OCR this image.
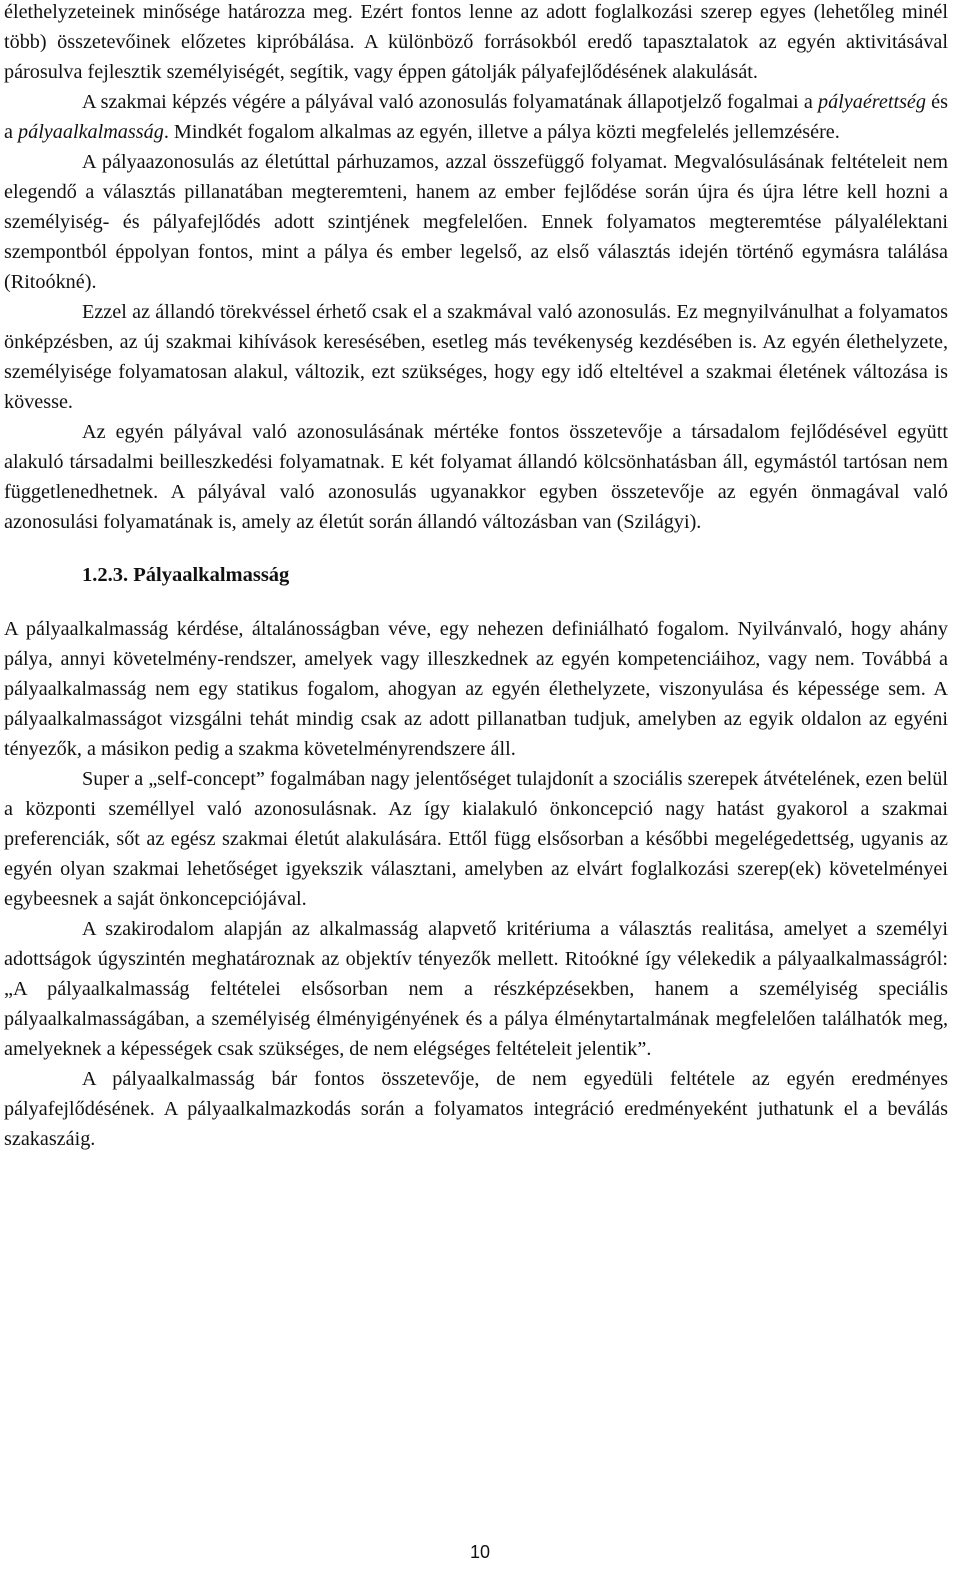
élethelyzeteinek minősége határozza meg. Ezért fontos lenne az adott foglalkozási szerep egyes (lehetőleg minél több) összetevőinek előzetes kipróbálása. A különböző forrásokból eredő tapasztalatok az egyén aktivitásával párosulva fejlesztik személyiségét, segítik, vagy éppen gátolják pályafejlődésének alakulását.

A szakmai képzés végére a pályával való azonosulás folyamatának állapotjelző fogalmai a pályaérettség és a pályaalkalmasság. Mindkét fogalom alkalmas az egyén, illetve a pálya közti megfelelés jellemzésére.

A pályaazonosulás az életúttal párhuzamos, azzal összefüggő folyamat. Megvalósulásának feltételeit nem elegendő a választás pillanatában megteremteni, hanem az ember fejlődése során újra és újra létre kell hozni a személyiség- és pályafejlődés adott szintjének megfelelően. Ennek folyamatos megteremtése pályalélektani szempontból éppolyan fontos, mint a pálya és ember legelső, az első választás idején történő egymásra találása (Ritoókné).

Ezzel az állandó törekvéssel érhető csak el a szakmával való azonosulás. Ez megnyilvánulhat a folyamatos önképzésben, az új szakmai kihívások keresésében, esetleg más tevékenység kezdésében is. Az egyén élethelyzete, személyisége folyamatosan alakul, változik, ezt szükséges, hogy egy idő elteltével a szakmai életének változása is kövesse.

Az egyén pályával való azonosulásának mértéke fontos összetevője a társadalom fejlődésével együtt alakuló társadalmi beilleszkedési folyamatnak. E két folyamat állandó kölcsönhatásban áll, egymástól tartósan nem függetlenedhetnek. A pályával való azonosulás ugyanakkor egyben összetevője az egyén önmagával való azonosulási folyamatának is, amely az életút során állandó változásban van (Szilágyi).

1.2.3. Pályaalkalmasság

A pályaalkalmasság kérdése, általánosságban véve, egy nehezen definiálható fogalom. Nyilvánvaló, hogy ahány pálya, annyi követelmény-rendszer, amelyek vagy illeszkednek az egyén kompetenciáihoz, vagy nem. Továbbá a pályaalkalmasság nem egy statikus fogalom, ahogyan az egyén élethelyzete, viszonyulása és képessége sem. A pályaalkalmasságot vizsgálni tehát mindig csak az adott pillanatban tudjuk, amelyben az egyik oldalon az egyéni tényezők, a másikon pedig a szakma követelményrendszere áll.

Super a „self-concept” fogalmában nagy jelentőséget tulajdonít a szociális szerepek átvételének, ezen belül a központi személlyel való azonosulásnak. Az így kialakuló önkoncepció nagy hatást gyakorol a szakmai preferenciák, sőt az egész szakmai életút alakulására. Ettől függ elsősorban a későbbi megelégedettség, ugyanis az egyén olyan szakmai lehetőséget igyekszik választani, amelyben az elvárt foglalkozási szerep(ek) követelményei egybeesnek a saját önkoncepciójával.

A szakirodalom alapján az alkalmasság alapvető kritériuma a választás realitása, amelyet a személyi adottságok úgyszintén meghatároznak az objektív tényezők mellett. Ritoókné így vélekedik a pályaalkalmasságról: „A pályaalkalmasság feltételei elsősorban nem a részképzésekben, hanem a személyiség speciális pályaalkalmasságában, a személyiség élményigényének és a pálya élménytartalmának megfelelően találhatók meg, amelyeknek a képességek csak szükséges, de nem elégséges feltételeit jelentik”.

A pályaalkalmasság bár fontos összetevője, de nem egyedüli feltétele az egyén eredményes pályafejlődésének. A pályaalkalmazkodás során a folyamatos integráció eredményeként juthatunk el a beválás szakaszáig.

10
